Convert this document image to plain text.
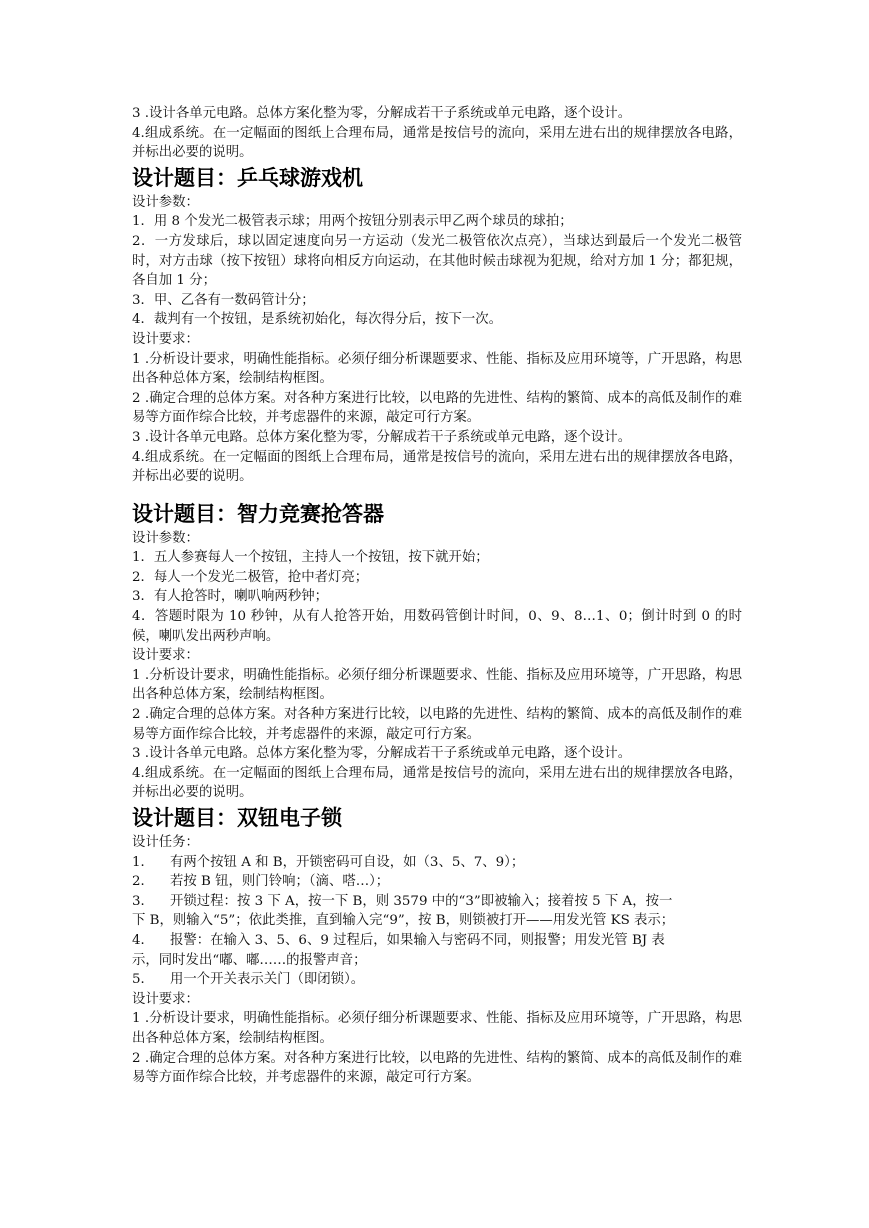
3 .设计各单元电路。总体方案化整为零，分解成若干子系统或单元电路，逐个设计。

4.组成系统。在一定幅面的图纸上合理布局，通常是按信号的流向，采用左进右出的规律摆放各电路，并标出必要的说明。

设计题目：乒乓球游戏机

设计参数：

1．用 8 个发光二极管表示球；用两个按钮分别表示甲乙两个球员的球拍；

2．一方发球后，球以固定速度向另一方运动（发光二极管依次点亮），当球达到最后一个发光二极管时，对方击球（按下按钮）球将向相反方向运动，在其他时候击球视为犯规，给对方加 1 分；都犯规，各自加 1 分；

3．甲、乙各有一数码管计分；

4．裁判有一个按钮，是系统初始化，每次得分后，按下一次。

设计要求：

1 .分析设计要求，明确性能指标。必须仔细分析课题要求、性能、指标及应用环境等，广开思路，构思出各种总体方案，绘制结构框图。

2 .确定合理的总体方案。对各种方案进行比较，以电路的先进性、结构的繁简、成本的高低及制作的难易等方面作综合比较，并考虑器件的来源，敲定可行方案。

3 .设计各单元电路。总体方案化整为零，分解成若干子系统或单元电路，逐个设计。

4.组成系统。在一定幅面的图纸上合理布局，通常是按信号的流向，采用左进右出的规律摆放各电路，并标出必要的说明。

设计题目：智力竞赛抢答器

设计参数：

1．五人参赛每人一个按钮，主持人一个按钮，按下就开始；

2．每人一个发光二极管，抢中者灯亮；

3．有人抢答时，喇叭响两秒钟；

4．答题时限为 10 秒钟，从有人抢答开始，用数码管倒计时间，0、9、8…1、0；倒计时到 0 的时候，喇叭发出两秒声响。

设计要求：

1 .分析设计要求，明确性能指标。必须仔细分析课题要求、性能、指标及应用环境等，广开思路，构思出各种总体方案，绘制结构框图。

2 .确定合理的总体方案。对各种方案进行比较，以电路的先进性、结构的繁简、成本的高低及制作的难易等方面作综合比较，并考虑器件的来源，敲定可行方案。

3 .设计各单元电路。总体方案化整为零，分解成若干子系统或单元电路，逐个设计。

4.组成系统。在一定幅面的图纸上合理布局，通常是按信号的流向，采用左进右出的规律摆放各电路，并标出必要的说明。

设计题目：双钮电子锁

设计任务：

1．	有两个按钮 A 和 B，开锁密码可自设，如（3、5、7、9）；

2．	若按 B 钮，则门铃响；（滴、嗒…）；

3．	开锁过程：按 3 下 A，按一下 B，则 3579 中的“3”即被输入；接着按 5 下 A，按一

下 B，则输入“5”；依此类推，直到输入完“9”，按 B，则锁被打开——用发光管 KS 表示；

4．	报警：在输入 3、5、6、9 过程后，如果输入与密码不同，则报警；用发光管 BJ 表

示，同时发出“嘟、嘟……的报警声音；

5．	用一个开关表示关门（即闭锁）。

设计要求：

1 .分析设计要求，明确性能指标。必须仔细分析课题要求、性能、指标及应用环境等，广开思路，构思出各种总体方案，绘制结构框图。

2 .确定合理的总体方案。对各种方案进行比较，以电路的先进性、结构的繁简、成本的高低及制作的难易等方面作综合比较，并考虑器件的来源，敲定可行方案。
